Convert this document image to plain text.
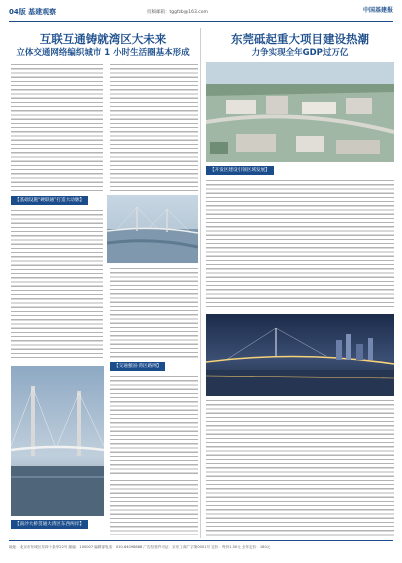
04版 基建观察	投稿邮箱：tggfzb@163.com	中国基建报
互联互通铸就湾区大未来
立体交通网络编织城市 1 小时生活圈基本形成
【基础设施“硬联通”打造大动脉】
【交通强国·湾区路网】
【南沙大桥贯通大湾区东西两岸】
东莞砥起重大项目建设热潮
力争实现全年GDP过万亿
【开发区建设引领区域发展】
地址：北京市东城区东四十条甲22号 邮编：100007 编辑部电话：010-64098888 广告经营许可证：京东工商广字第0001号 定价：每份1.50元 全年定价：180元
